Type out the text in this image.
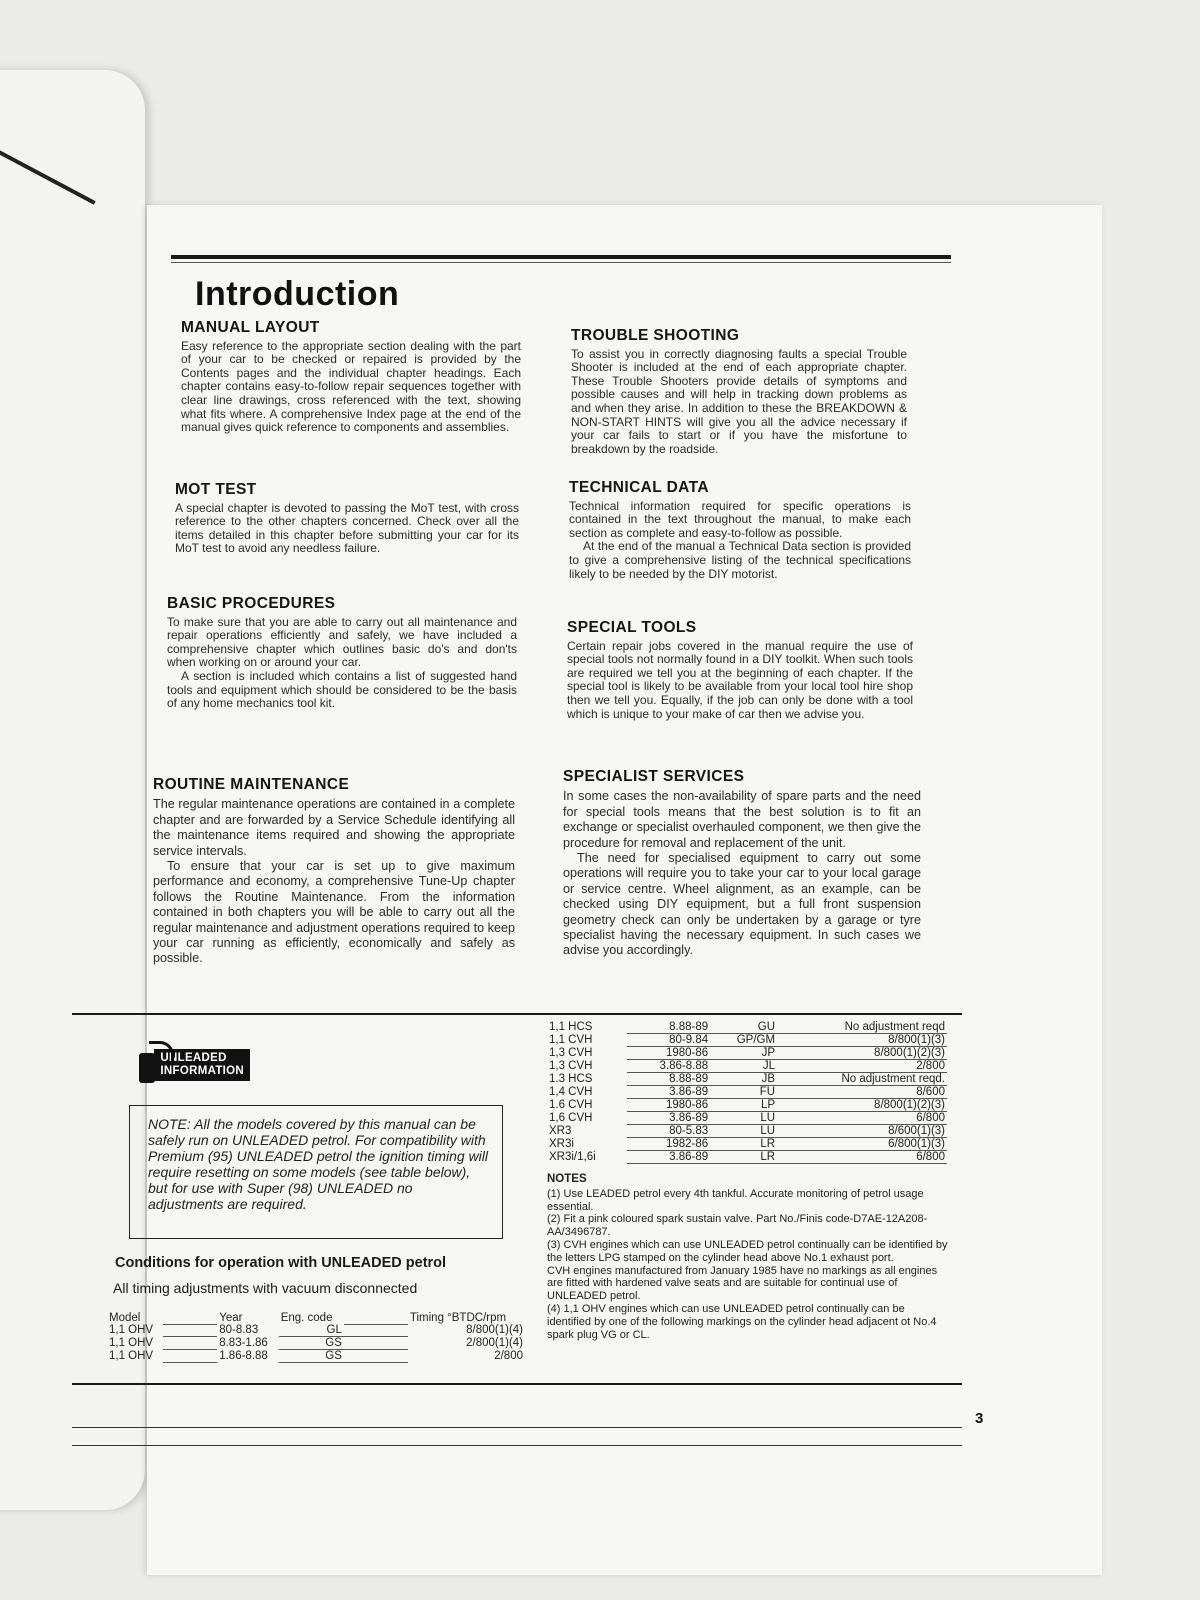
Introduction
MANUAL LAYOUT

Easy reference to the appropriate section dealing with the part of your car to be checked or repaired is provided by the Contents pages and the individual chapter headings. Each chapter contains easy-to-follow repair sequences together with clear line drawings, cross referenced with the text, showing what fits where. A comprehensive Index page at the end of the manual gives quick reference to components and assemblies.

MOT TEST

A special chapter is devoted to passing the MoT test, with cross reference to the other chapters concerned. Check over all the items detailed in this chapter before submitting your car for its MoT test to avoid any needless failure.

BASIC PROCEDURES

To make sure that you are able to carry out all maintenance and repair operations efficiently and safely, we have included a comprehensive chapter which outlines basic do's and don'ts when working on or around your car.

A section is included which contains a list of suggested hand tools and equipment which should be considered to be the basis of any home mechanics tool kit.

ROUTINE MAINTENANCE

The regular maintenance operations are contained in a complete chapter and are forwarded by a Service Schedule identifying all the maintenance items required and showing the appropriate service intervals.

To ensure that your car is set up to give maximum performance and economy, a comprehensive Tune-Up chapter follows the Routine Maintenance. From the information contained in both chapters you will be able to carry out all the regular maintenance and adjustment operations required to keep your car running as efficiently, economically and safely as possible.

TROUBLE SHOOTING

To assist you in correctly diagnosing faults a special Trouble Shooter is included at the end of each appropriate chapter. These Trouble Shooters provide details of symptoms and possible causes and will help in tracking down problems as and when they arise. In addition to these the BREAKDOWN & NON-START HINTS will give you all the advice necessary if your car fails to start or if you have the misfortune to breakdown by the roadside.

TECHNICAL DATA

Technical information required for specific operations is contained in the text throughout the manual, to make each section as complete and easy-to-follow as possible.

At the end of the manual a Technical Data section is provided to give a comprehensive listing of the technical specifications likely to be needed by the DIY motorist.

SPECIAL TOOLS

Certain repair jobs covered in the manual require the use of special tools not normally found in a DIY toolkit. When such tools are required we tell you at the beginning of each chapter. If the special tool is likely to be available from your local tool hire shop then we tell you. Equally, if the job can only be done with a tool which is unique to your make of car then we advise you.

SPECIALIST SERVICES

In some cases the non-availability of spare parts and the need for special tools means that the best solution is to fit an exchange or specialist overhauled component, we then give the procedure for removal and replacement of the unit.

The need for specialised equipment to carry out some operations will require you to take your car to your local garage or service centre. Wheel alignment, as an example, can be checked using DIY equipment, but a full front suspension geometry check can only be undertaken by a garage or tyre specialist having the necessary equipment. In such cases we advise you accordingly.

UNLEADED
INFORMATION
NOTE: All the models covered by this manual can be safely run on UNLEADED petrol. For compatibility with Premium (95) UNLEADED petrol the ignition timing will require resetting on some models (see table below), but for use with Super (98) UNLEADED no adjustments are required.
Conditions for operation with UNLEADED petrol
All timing adjustments with vacuum disconnected
Model		Year	Eng. code		Timing °BTDC/rpm
1,1 OHV		80-8.83	GL		8/800(1)(4)
1,1 OHV		8.83-1.86	GS		2/800(1)(4)
1,1 OHV		1.86-8.88	GS		2/800
1,1 HCS	8.88-89	GU	No adjustment reqd
1,1 CVH	80-9.84	GP/GM	8/800(1)(3)
1,3 CVH	1980-86	JP	8/800(1)(2)(3)
1,3 CVH	3.86-8.88	JL	2/800
1.3 HCS	8.88-89	JB	No adjustment reqd.
1,4 CVH	3.86-89	FU	8/600
1.6 CVH	1980-86	LP	8/800(1)(2)(3)
1,6 CVH	3.86-89	LU	6/800
XR3	80-5.83	LU	8/600(1)(3)
XR3i	1982-86	LR	6/800(1)(3)
XR3i/1,6i	3.86-89	LR	6/800
NOTES

(1) Use LEADED petrol every 4th tankful. Accurate monitoring of petrol usage essential.

(2) Fit a pink coloured spark sustain valve. Part No./Finis code-D7AE-12A208-AA/3496787.

(3) CVH engines which can use UNLEADED petrol continually can be identified by the letters LPG stamped on the cylinder head above No.1 exhaust port.

CVH engines manufactured from January 1985 have no markings as all engines are fitted with hardened valve seats and are suitable for continual use of UNLEADED petrol.

(4) 1,1 OHV engines which can use UNLEADED petrol continually can be identified by one of the following markings on the cylinder head adjacent ot No.4 spark plug VG or CL.

3
